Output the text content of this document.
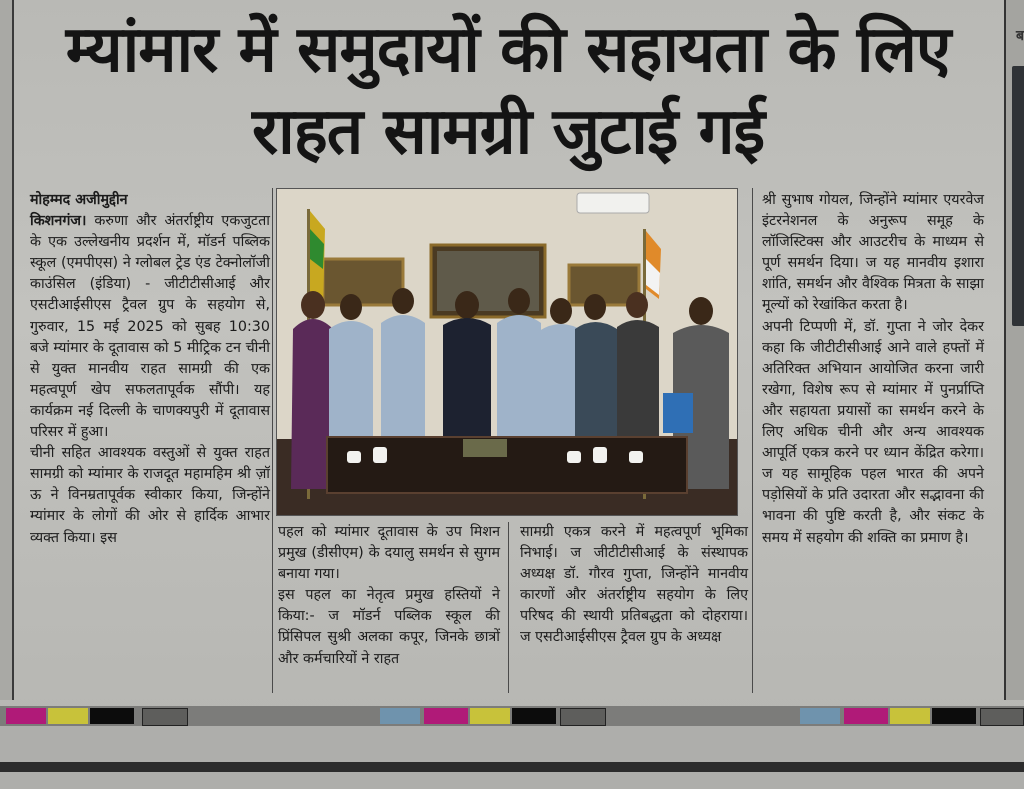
ब
म्यांमार में समुदायों की सहायता के लिए
राहत सामग्री जुटाई गई
मोहम्मद अजीमुद्दीन

किशनगंज। करुणा और अंतर्राष्ट्रीय एकजुटता के एक उल्लेखनीय प्रदर्शन में, मॉडर्न पब्लिक स्कूल (एमपीएस) ने ग्लोबल ट्रेड एंड टेक्नोलॉजी काउंसिल (इंडिया) - जीटीटीसीआई और एसटीआईसीएस ट्रैवल ग्रुप के सहयोग से, गुरुवार, 15 मई 2025 को सुबह 10:30 बजे म्यांमार के दूतावास को 5 मीट्रिक टन चीनी से युक्त मानवीय राहत सामग्री की एक महत्वपूर्ण खेप सफलतापूर्वक सौंपी। यह कार्यक्रम नई दिल्ली के चाणक्यपुरी में दूतावास परिसर में हुआ।

चीनी सहित आवश्यक वस्तुओं से युक्त राहत सामग्री को म्यांमार के राजदूत महामहिम श्री ज़ॉ ऊ ने विनम्रतापूर्वक स्वीकार किया, जिन्होंने म्यांमार के लोगों की ओर से हार्दिक आभार व्यक्त किया। इस	पहल को म्यांमार दूतावास के उप मिशन प्रमुख (डीसीएम) के दयालु समर्थन से सुगम बनाया गया।

इस पहल का नेतृत्व प्रमुख हस्तियों ने किया:- ज मॉडर्न पब्लिक स्कूल की प्रिंसिपल सुश्री अलका कपूर, जिनके छात्रों और कर्मचारियों ने राहत

सामग्री एकत्र करने में महत्वपूर्ण भूमिका निभाई। ज जीटीटीसीआई के संस्थापक अध्यक्ष डॉ. गौरव गुप्ता, जिन्होंने मानवीय कारणों और अंतर्राष्ट्रीय सहयोग के लिए परिषद की स्थायी प्रतिबद्धता को दोहराया। ज एसटीआईसीएस ट्रैवल ग्रुप के अध्यक्ष

श्री सुभाष गोयल, जिन्होंने म्यांमार एयरवेज इंटरनेशनल के अनुरूप समूह के लॉजिस्टिक्स और आउटरीच के माध्यम से पूर्ण समर्थन दिया। ज यह मानवीय इशारा शांति, समर्थन और वैश्विक मित्रता के साझा मूल्यों को रेखांकित करता है।

अपनी टिप्पणी में, डॉ. गुप्ता ने जोर देकर कहा कि जीटीटीसीआई आने वाले हफ्तों में अतिरिक्त अभियान आयोजित करना जारी रखेगा, विशेष रूप से म्यांमार में पुनर्प्राप्ति और सहायता प्रयासों का समर्थन करने के लिए अधिक चीनी और अन्य आवश्यक आपूर्ति एकत्र करने पर ध्यान केंद्रित करेगा। ज यह सामूहिक पहल भारत की अपने पड़ोसियों के प्रति उदारता और सद्भावना की भावना की पुष्टि करती है, और संकट के समय में सहयोग की शक्ति का प्रमाण है।
